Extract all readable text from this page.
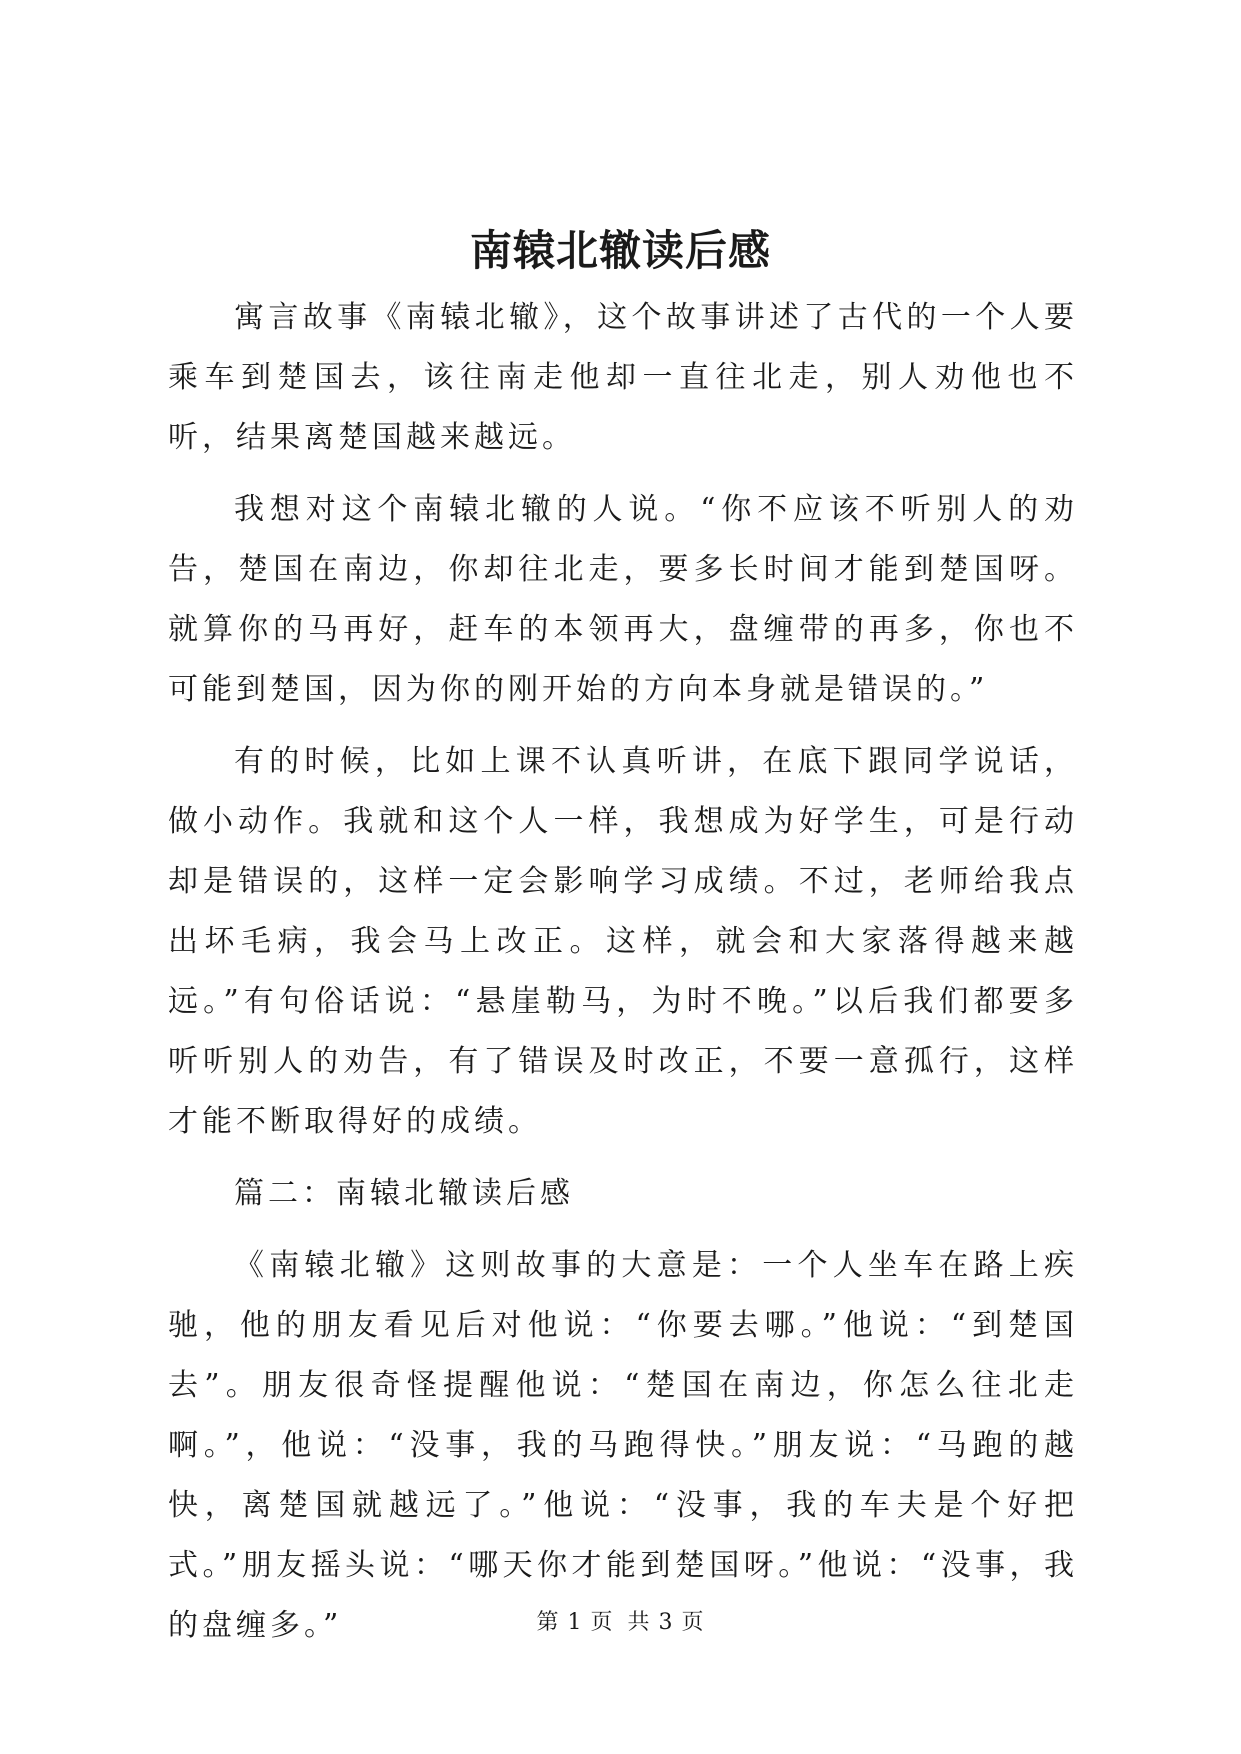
南辕北辙读后感

寓言故事《南辕北辙》，这个故事讲述了古代的一个人要乘车到楚国去，该往南走他却一直往北走，别人劝他也不听，结果离楚国越来越远。

我想对这个南辕北辙的人说。“你不应该不听别人的劝告，楚国在南边，你却往北走，要多长时间才能到楚国呀。就算你的马再好，赶车的本领再大，盘缠带的再多，你也不可能到楚国，因为你的刚开始的方向本身就是错误的。”

有的时候，比如上课不认真听讲，在底下跟同学说话，做小动作。我就和这个人一样，我想成为好学生，可是行动却是错误的，这样一定会影响学习成绩。不过，老师给我点出坏毛病，我会马上改正。这样，就会和大家落得越来越远。”有句俗话说：“悬崖勒马，为时不晚。”以后我们都要多听听别人的劝告，有了错误及时改正，不要一意孤行，这样才能不断取得好的成绩。

篇二：南辕北辙读后感

《南辕北辙》这则故事的大意是：一个人坐车在路上疾驰，他的朋友看见后对他说：“你要去哪。”他说：“到楚国去”。朋友很奇怪提醒他说：“楚国在南边，你怎么往北走啊。”，他说：“没事，我的马跑得快。”朋友说：“马跑的越快，离楚国就越远了。”他说：“没事，我的车夫是个好把式。”朋友摇头说：“哪天你才能到楚国呀。”他说：“没事，我的盘缠多。”	第 1 页 共 3 页
